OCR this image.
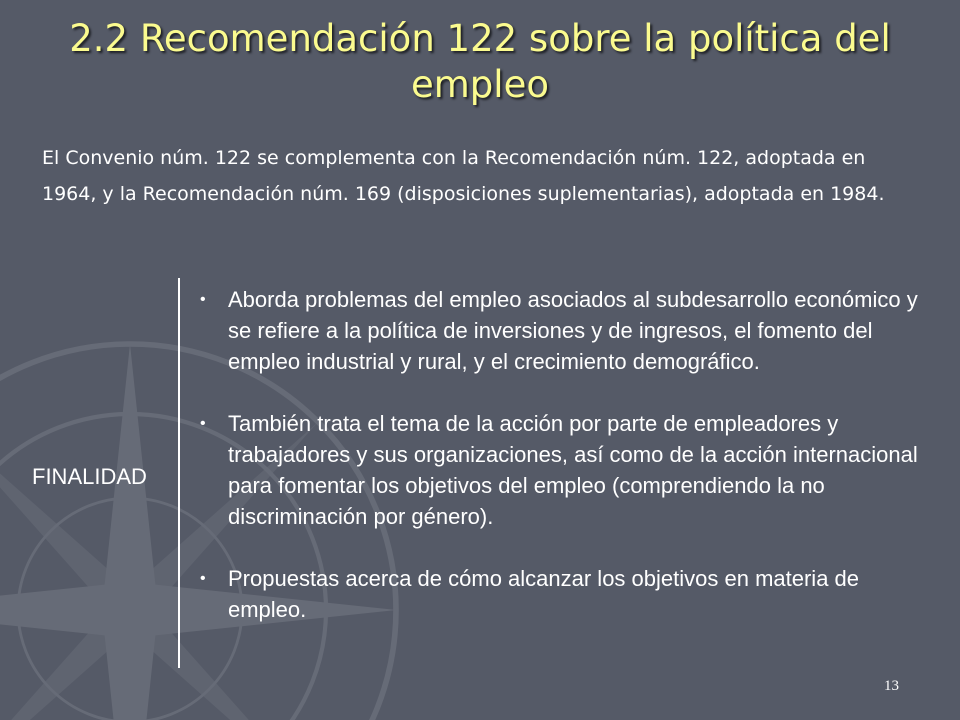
2.2 Recomendación 122 sobre la política del empleo

El Convenio núm. 122 se complementa con la Recomendación núm. 122, adoptada en 1964, y la Recomendación núm. 169 (disposiciones suplementarias), adoptada en 1984.

FINALIDAD
• Aborda problemas del empleo asociados al subdesarrollo económico y se refiere a la política de inversiones y de ingresos, el fomento del empleo industrial y rural, y el crecimiento demográfico.
• También trata el tema de la acción por parte de empleadores y trabajadores y sus organizaciones, así como de la acción internacional para fomentar los objetivos del empleo (comprendiendo la no discriminación por género).
• Propuestas acerca de cómo alcanzar los objetivos en materia de empleo.
13
